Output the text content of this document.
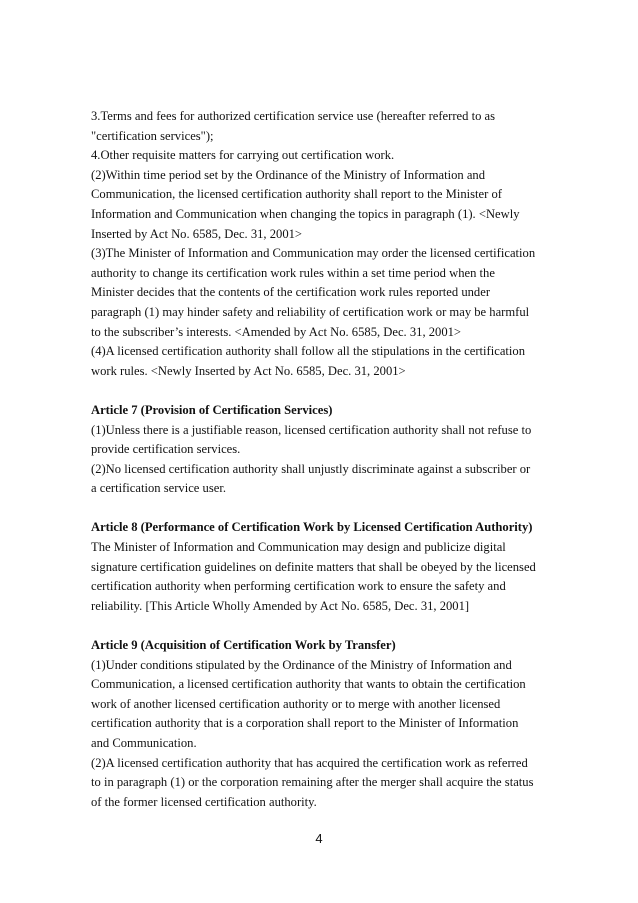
3.Terms and fees for authorized certification service use (hereafter referred to as
"certification services");
4.Other requisite matters for carrying out certification work.
(2)Within time period set by the Ordinance of the Ministry of Information and
Communication, the licensed certification authority shall report to the Minister of
Information and Communication when changing the topics in paragraph (1). <Newly
Inserted by Act No. 6585, Dec. 31, 2001>
(3)The Minister of Information and Communication may order the licensed certification
authority to change its certification work rules within a set time period when the
Minister decides that the contents of the certification work rules reported under
paragraph (1) may hinder safety and reliability of certification work or may be harmful
to the subscriber’s interests. <Amended by Act No. 6585, Dec. 31, 2001>
(4)A licensed certification authority shall follow all the stipulations in the certification
work rules. <Newly Inserted by Act No. 6585, Dec. 31, 2001>

Article 7 (Provision of Certification Services)

(1)Unless there is a justifiable reason, licensed certification authority shall not refuse to
provide certification services.
(2)No licensed certification authority shall unjustly discriminate against a subscriber or
a certification service user.

Article 8 (Performance of Certification Work by Licensed Certification Authority)

The Minister of Information and Communication may design and publicize digital
signature certification guidelines on definite matters that shall be obeyed by the licensed
certification authority when performing certification work to ensure the safety and
reliability. [This Article Wholly Amended by Act No. 6585, Dec. 31, 2001]

Article 9 (Acquisition of Certification Work by Transfer)

(1)Under conditions stipulated by the Ordinance of the Ministry of Information and
Communication, a licensed certification authority that wants to obtain the certification
work of another licensed certification authority or to merge with another licensed
certification authority that is a corporation shall report to the Minister of Information
and Communication.
(2)A licensed certification authority that has acquired the certification work as referred
to in paragraph (1) or the corporation remaining after the merger shall acquire the status
of the former licensed certification authority.

4
